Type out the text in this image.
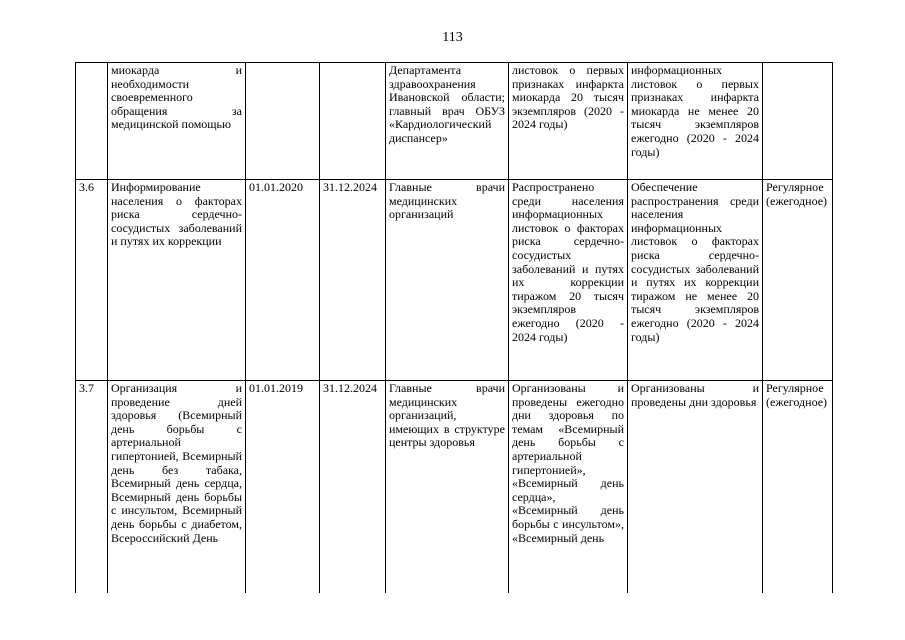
113

	миокарда и необходимости своевременного обращения за медицинской помощью			Департамента здравоохранения Ивановской области; главный врач ОБУЗ «Кардиологический диспансер»	листовок о первых признаках инфаркта миокарда 20 тысяч экземпляров (2020 - 2024 годы)	информационных листовок о первых признаках инфаркта миокарда не менее 20 тысяч экземпляров ежегодно (2020 - 2024 годы)	

3.6	Информирование населения о факторах риска сердечно-сосудистых заболеваний и путях их коррекции	01.01.2020	31.12.2024	Главные врачи медицинских организаций	Распространено среди населения информационных листовок о факторах риска сердечно-сосудистых заболеваний и путях их коррекции тиражом 20 тысяч экземпляров ежегодно (2020 - 2024 годы)	Обеспечение распространения среди населения информационных листовок о факторах риска сердечно-сосудистых заболеваний и путях их коррекции тиражом не менее 20 тысяч экземпляров ежегодно (2020 - 2024 годы)	Регулярное (ежегодное)

3.7	Организация и проведение дней здоровья (Всемирный день борьбы с артериальной гипертонией, Всемирный день без табака, Всемирный день сердца, Всемирный день борьбы с инсультом, Всемирный день борьбы с диабетом, Всероссийский День	01.01.2019	31.12.2024	Главные врачи медицинских организаций, имеющих в структуре центры здоровья	Организованы и проведены ежегодно дни здоровья по темам «Всемирный день борьбы с артериальной гипертонией», «Всемирный день сердца», «Всемирный день борьбы с инсультом», «Всемирный день	Организованы и проведены дни здоровья	Регулярное (ежегодное)
